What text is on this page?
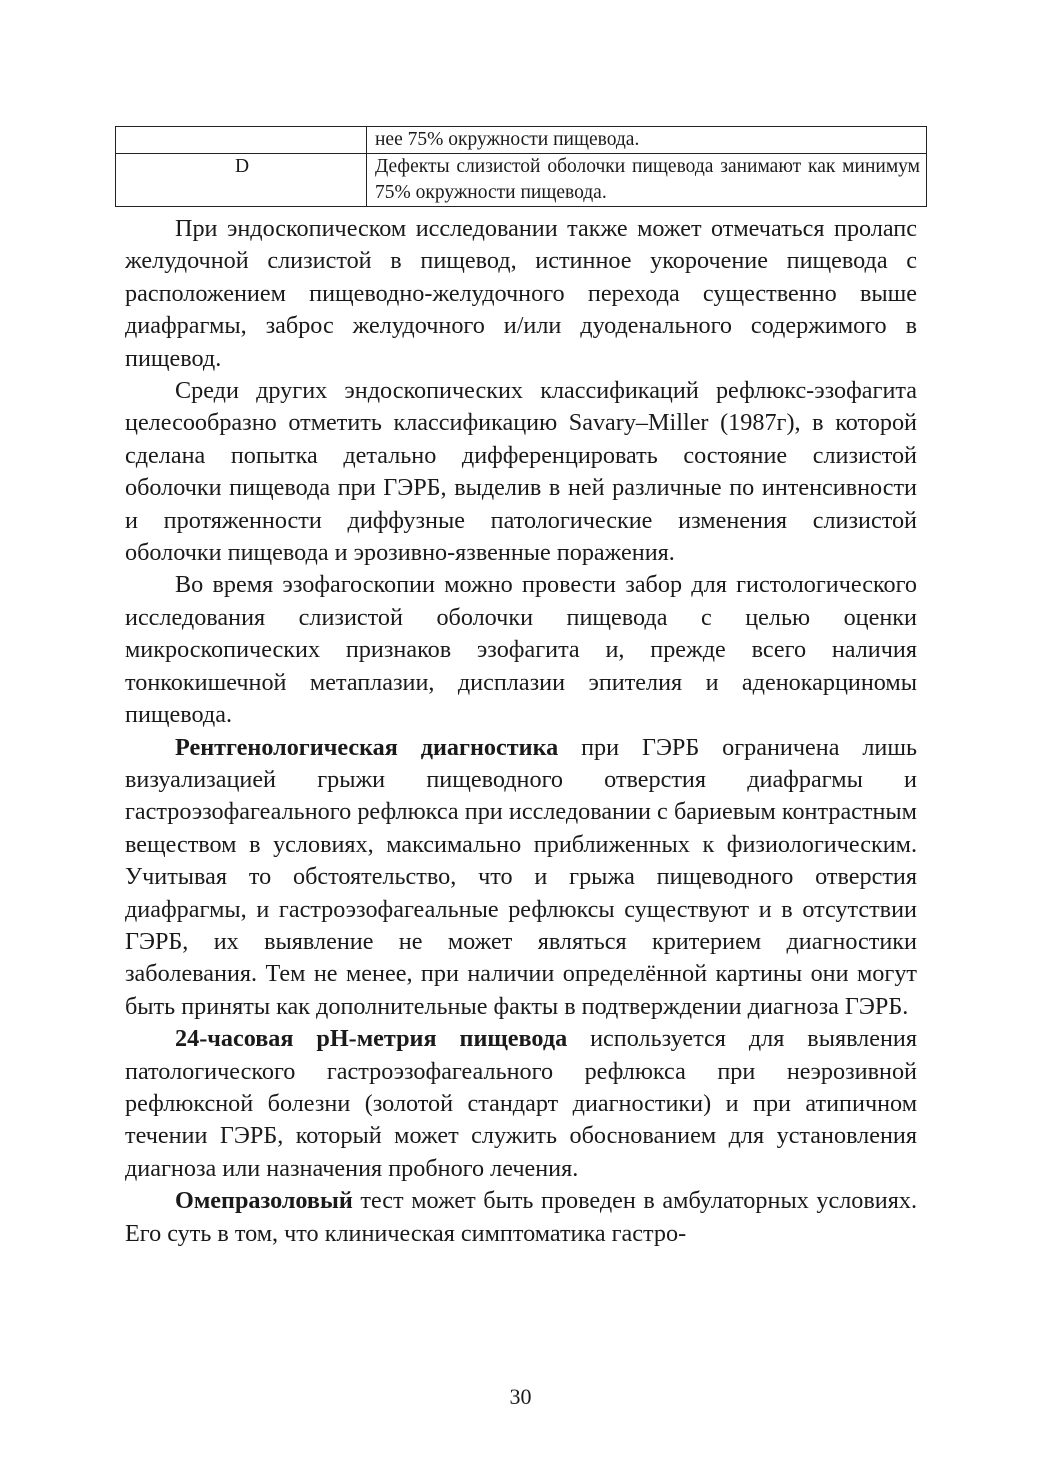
	нее 75% окружности пищевода.
D	Дефекты слизистой оболочки пищевода занимают как минимум 75% окружности пищевода.

При эндоскопическом исследовании также может отмечаться пролапс желудочной слизистой в пищевод, истинное укорочение пищевода с расположением пищеводно-желудочного перехода существенно выше диафрагмы, заброс желудочного и/или дуоденального содержимого в пищевод.

Среди других эндоскопических классификаций рефлюкс-эзофагита целесообразно отметить классификацию Savary–Miller (1987г), в которой сделана попытка детально дифференцировать состояние слизистой оболочки пищевода при ГЭРБ, выделив в ней различные по интенсивности и протяженности диффузные патологические изменения слизистой оболочки пищевода и эрозивно-язвенные поражения.

Во время эзофагоскопии можно провести забор для гистологического исследования слизистой оболочки пищевода с целью оценки микроскопических признаков эзофагита и, прежде всего наличия тонкокишечной метаплазии, дисплазии эпителия и аденокарциномы пищевода.

Рентгенологическая диагностика при ГЭРБ ограничена лишь визуализацией грыжи пищеводного отверстия диафрагмы и гастроэзофагеального рефлюкса при исследовании с бариевым контрастным веществом в условиях, максимально приближенных к физиологическим. Учитывая то обстоятельство, что и грыжа пищеводного отверстия диафрагмы, и гастроэзофагеальные рефлюксы существуют и в отсутствии ГЭРБ, их выявление не может являться критерием диагностики заболевания. Тем не менее, при наличии определённой картины они могут быть приняты как дополнительные факты в подтверждении диагноза ГЭРБ.

24-часовая рН-метрия пищевода используется для выявления патологического гастроэзофагеального рефлюкса при неэрозивной рефлюксной болезни (золотой стандарт диагностики) и при атипичном течении ГЭРБ, который может служить обоснованием для установления диагноза или назначения пробного лечения.

Омепразоловый тест может быть проведен в амбулаторных условиях. Его суть в том, что клиническая симптоматика гастро-

30
